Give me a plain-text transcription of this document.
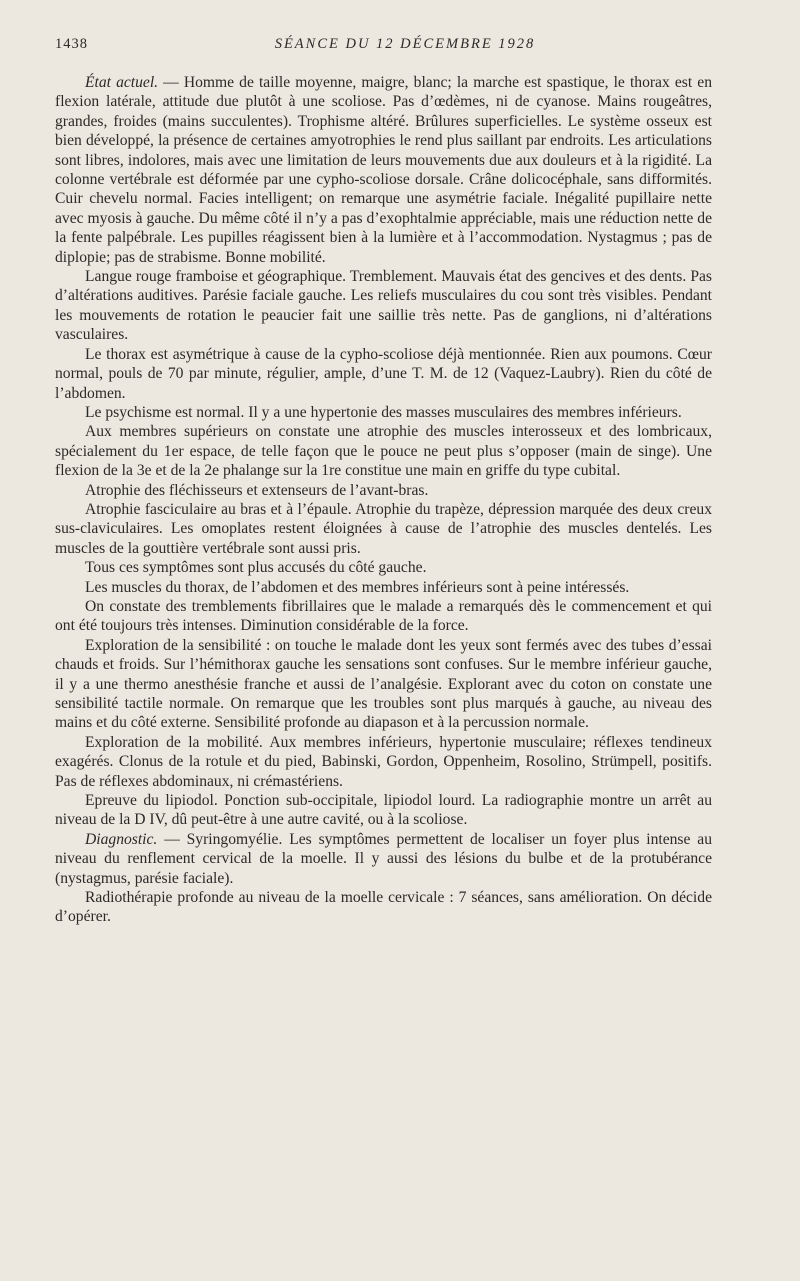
1438	SÉANCE DU 12 DÉCEMBRE 1928

État actuel. — Homme de taille moyenne, maigre, blanc; la marche est spastique, le thorax est en flexion latérale, attitude due plutôt à une scoliose. Pas d’œdèmes, ni de cyanose. Mains rougeâtres, grandes, froides (mains succulentes). Trophisme altéré. Brûlures superficielles. Le système osseux est bien développé, la présence de certaines amyotrophies le rend plus saillant par endroits. Les articulations sont libres, indolores, mais avec une limitation de leurs mouvements due aux douleurs et à la rigidité. La colonne vertébrale est déformée par une cypho-scoliose dorsale. Crâne dolicocéphale, sans difformités. Cuir chevelu normal. Facies intelligent; on remarque une asymétrie faciale. Inégalité pupillaire nette avec myosis à gauche. Du même côté il n’y a pas d’exophtalmie appréciable, mais une réduction nette de la fente palpébrale. Les pupilles réagissent bien à la lumière et à l’accommodation. Nystagmus ; pas de diplopie; pas de strabisme. Bonne mobilité.

Langue rouge framboise et géographique. Tremblement. Mauvais état des gencives et des dents. Pas d’altérations auditives. Parésie faciale gauche. Les reliefs musculaires du cou sont très visibles. Pendant les mouvements de rotation le peaucier fait une saillie très nette. Pas de ganglions, ni d’altérations vasculaires.

Le thorax est asymétrique à cause de la cypho-scoliose déjà mentionnée. Rien aux poumons. Cœur normal, pouls de 70 par minute, régulier, ample, d’une T. M. de 12 (Vaquez-Laubry). Rien du côté de l’abdomen.

Le psychisme est normal. Il y a une hypertonie des masses musculaires des membres inférieurs.

Aux membres supérieurs on constate une atrophie des muscles interosseux et des lombricaux, spécialement du 1er espace, de telle façon que le pouce ne peut plus s’opposer (main de singe). Une flexion de la 3e et de la 2e phalange sur la 1re constitue une main en griffe du type cubital.

Atrophie des fléchisseurs et extenseurs de l’avant-bras.

Atrophie fasciculaire au bras et à l’épaule. Atrophie du trapèze, dépression marquée des deux creux sus-claviculaires. Les omoplates restent éloignées à cause de l’atrophie des muscles dentelés. Les muscles de la gouttière vertébrale sont aussi pris.

Tous ces symptômes sont plus accusés du côté gauche.

Les muscles du thorax, de l’abdomen et des membres inférieurs sont à peine intéressés.

On constate des tremblements fibrillaires que le malade a remarqués dès le commencement et qui ont été toujours très intenses. Diminution considérable de la force.

Exploration de la sensibilité : on touche le malade dont les yeux sont fermés avec des tubes d’essai chauds et froids. Sur l’hémithorax gauche les sensations sont confuses. Sur le membre inférieur gauche, il y a une thermo anesthésie franche et aussi de l’analgésie. Explorant avec du coton on constate une sensibilité tactile normale. On remarque que les troubles sont plus marqués à gauche, au niveau des mains et du côté externe. Sensibilité profonde au diapason et à la percussion normale.

Exploration de la mobilité. Aux membres inférieurs, hypertonie musculaire; réflexes tendineux exagérés. Clonus de la rotule et du pied, Babinski, Gordon, Oppenheim, Rosolino, Strümpell, positifs. Pas de réflexes abdominaux, ni crémastériens.

Epreuve du lipiodol. Ponction sub-occipitale, lipiodol lourd. La radiographie montre un arrêt au niveau de la D IV, dû peut-être à une autre cavité, ou à la scoliose.

Diagnostic. — Syringomyélie. Les symptômes permettent de localiser un foyer plus intense au niveau du renflement cervical de la moelle. Il y aussi des lésions du bulbe et de la protubérance (nystagmus, parésie faciale).

Radiothérapie profonde au niveau de la moelle cervicale : 7 séances, sans amélioration. On décide d’opérer.
